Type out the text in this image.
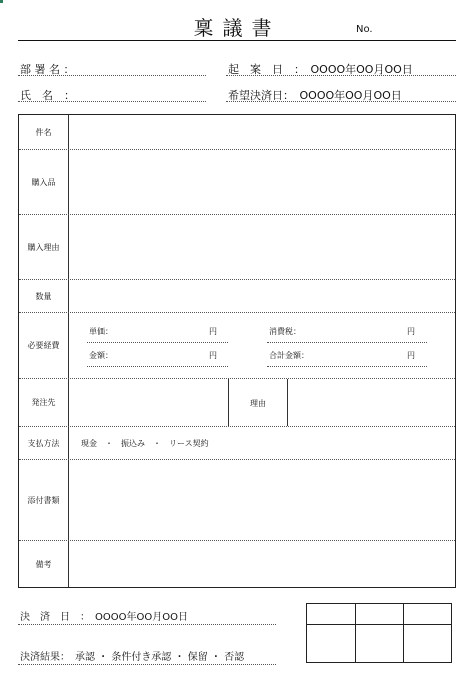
稟議書	No.
部 署 名 ：	起　案　日　：　OOOO年OO月OO日
氏　名　：	希望決済日：　OOOO年OO月OO日
件名
購入品
購入理由
数量
必要経費
単価：	円	消費税：	円
金額：	円	合計金額：	円
発注先	理由
支払方法	現金　・　振込み　・　リース契約
添付書類
備考
決　済　日　：　OOOO年OO月OO日
決済結果：　承認 ・ 条件付き承認 ・ 保留 ・ 否認
